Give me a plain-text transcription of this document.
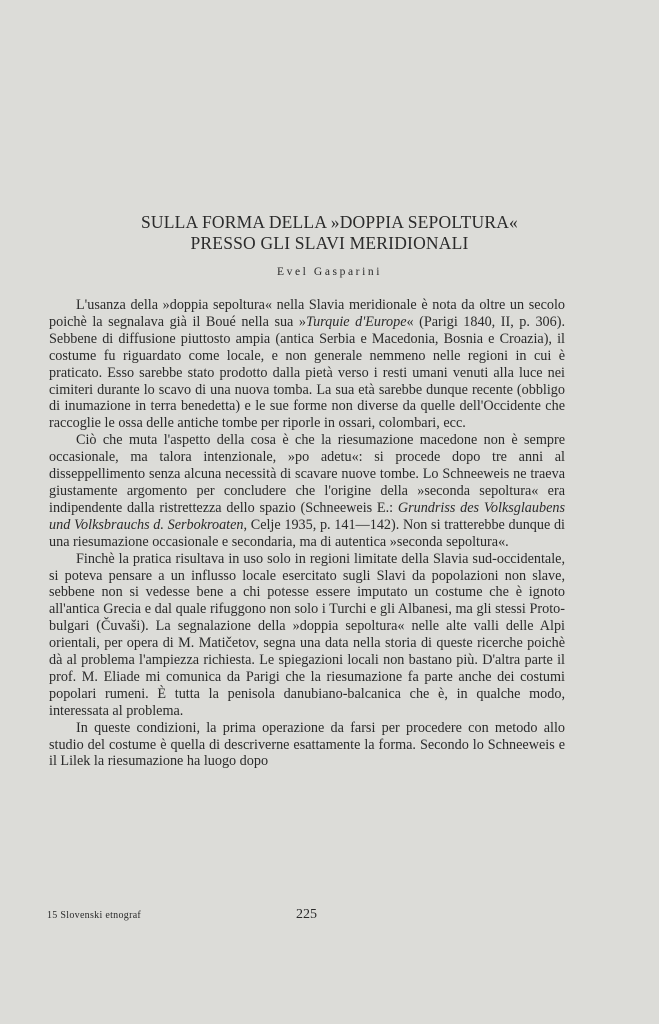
SULLA FORMA DELLA »DOPPIA SEPOLTURA«
PRESSO GLI SLAVI MERIDIONALI
Evel Gasparini

L'usanza della »doppia sepoltura« nella Slavia meridionale è nota da oltre un secolo poichè la segnalava già il Boué nella sua »Turquie d'Europe« (Parigi 1840, II, p. 306). Sebbene di diffusione piuttosto ampia (antica Serbia e Macedonia, Bosnia e Croazia), il costume fu riguardato come locale, e non generale nemmeno nelle regioni in cui è praticato. Esso sarebbe stato prodotto dalla pietà verso i resti umani venuti alla luce nei cimiteri durante lo scavo di una nuova tomba. La sua età sarebbe dunque recente (obbligo di inumazione in terra benedetta) e le sue forme non diverse da quelle dell'Occidente che raccoglie le ossa delle antiche tombe per riporle in ossari, colombari, ecc.

Ciò che muta l'aspetto della cosa è che la riesumazione macedone non è sempre occasionale, ma talora intenzionale, »po adetu«: si procede dopo tre anni al disseppellimento senza alcuna necessità di scavare nuove tombe. Lo Schneeweis ne traeva giustamente argomento per concludere che l'origine della »seconda sepoltura« era indipendente dalla ristrettezza dello spazio (Schneeweis E.: Grundriss des Volksglaubens und Volksbrauchs d. Serbokroaten, Celje 1935, p. 141—142). Non si tratterebbe dunque di una riesumazione occasionale e secondaria, ma di autentica »seconda sepoltura«.

Finchè la pratica risultava in uso solo in regioni limitate della Slavia sud-occidentale, si poteva pensare a un influsso locale esercitato sugli Slavi da popolazioni non slave, sebbene non si vedesse bene a chi potesse essere imputato un costume che è ignoto all'antica Grecia e dal quale rifuggono non solo i Turchi e gli Albanesi, ma gli stessi Proto-bulgari (Čuvaši). La segnalazione della »doppia sepoltura« nelle alte valli delle Alpi orientali, per opera di M. Matičetov, segna una data nella storia di queste ricerche poichè dà al problema l'ampiezza richiesta. Le spiegazioni locali non bastano più. D'altra parte il prof. M. Eliade mi comunica da Parigi che la riesumazione fa parte anche dei costumi popolari rumeni. È tutta la penisola danubiano-balcanica che è, in qualche modo, interessata al problema.

In queste condizioni, la prima operazione da farsi per procedere con metodo allo studio del costume è quella di descriverne esattamente la forma. Secondo lo Schneeweis e il Lilek la riesumazione ha luogo dopo

15 Slovenski etnograf	225
